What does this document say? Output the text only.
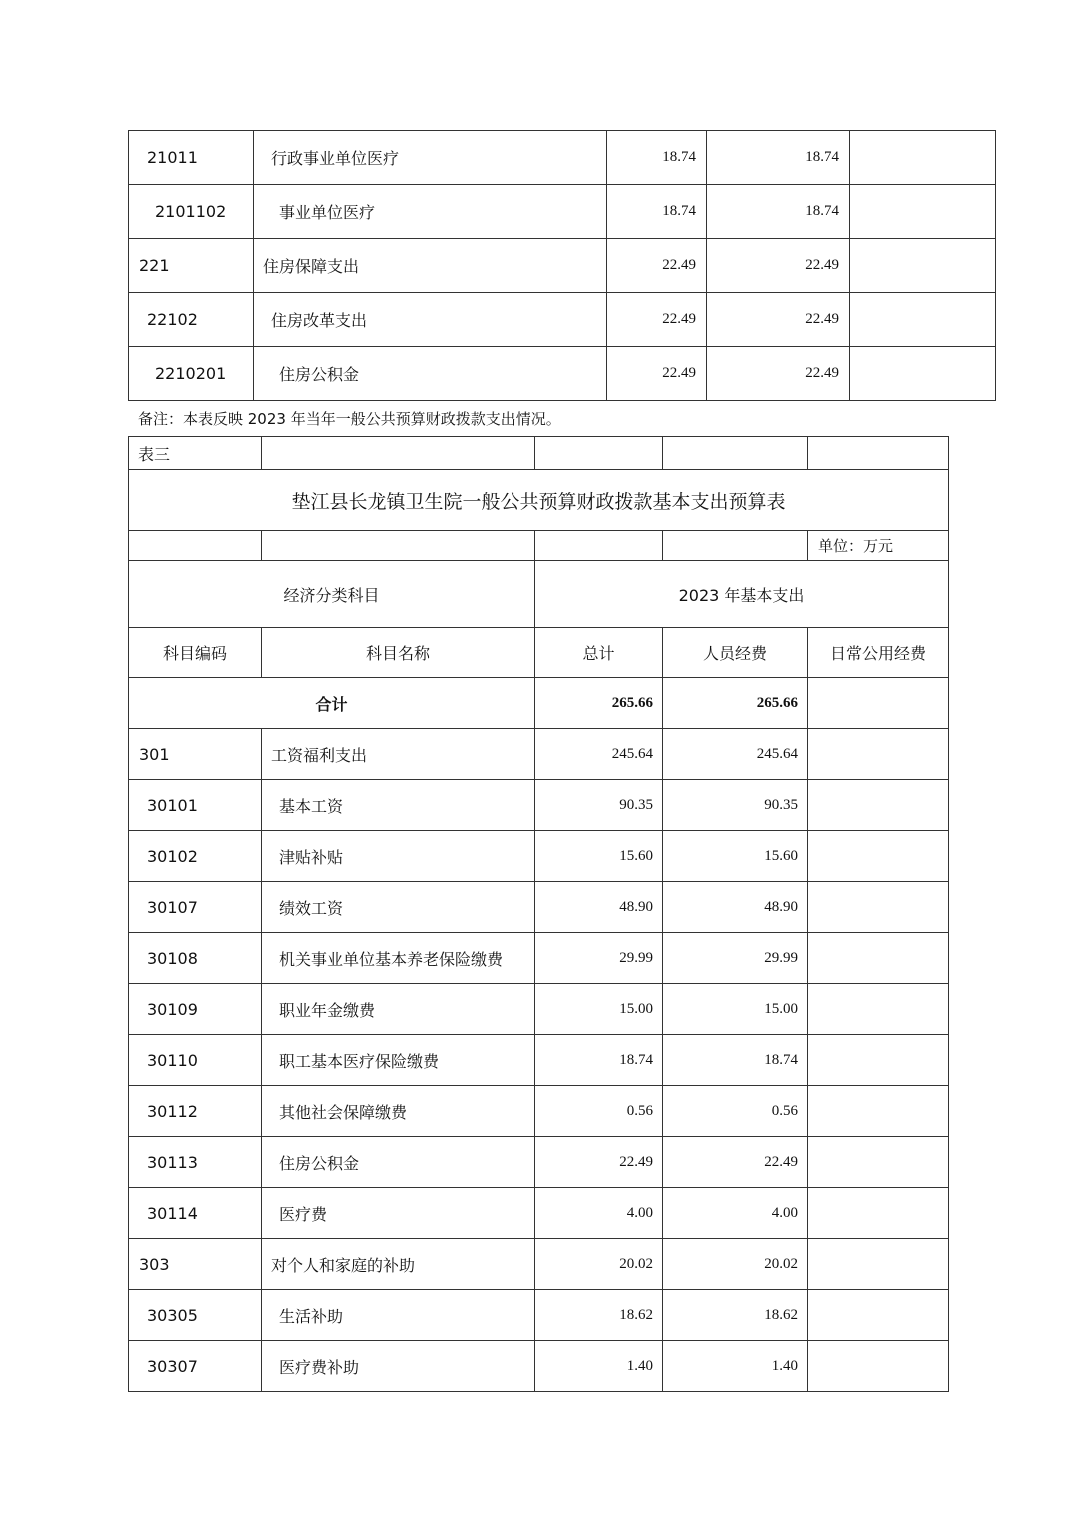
21011	行政事业单位医疗	18.74	18.74	
2101102	事业单位医疗	18.74	18.74	
221	住房保障支出	22.49	22.49	
22102	住房改革支出	22.49	22.49	
2210201	住房公积金	22.49	22.49	
备注：本表反映 2023 年当年一般公共预算财政拨款支出情况。
表三				
垫江县长龙镇卫生院一般公共预算财政拨款基本支出预算表				
				单位：万元
经济分类科目		2023 年基本支出		
科目编码	科目名称	总计	人员经费	日常公用经费
合计		265.66	265.66	
301	工资福利支出	245.64	245.64	
30101	基本工资	90.35	90.35	
30102	津贴补贴	15.60	15.60	
30107	绩效工资	48.90	48.90	
30108	机关事业单位基本养老保险缴费	29.99	29.99	
30109	职业年金缴费	15.00	15.00	
30110	职工基本医疗保险缴费	18.74	18.74	
30112	其他社会保障缴费	0.56	0.56	
30113	住房公积金	22.49	22.49	
30114	医疗费	4.00	4.00	
303	对个人和家庭的补助	20.02	20.02	
30305	生活补助	18.62	18.62	
30307	医疗费补助	1.40	1.40	
